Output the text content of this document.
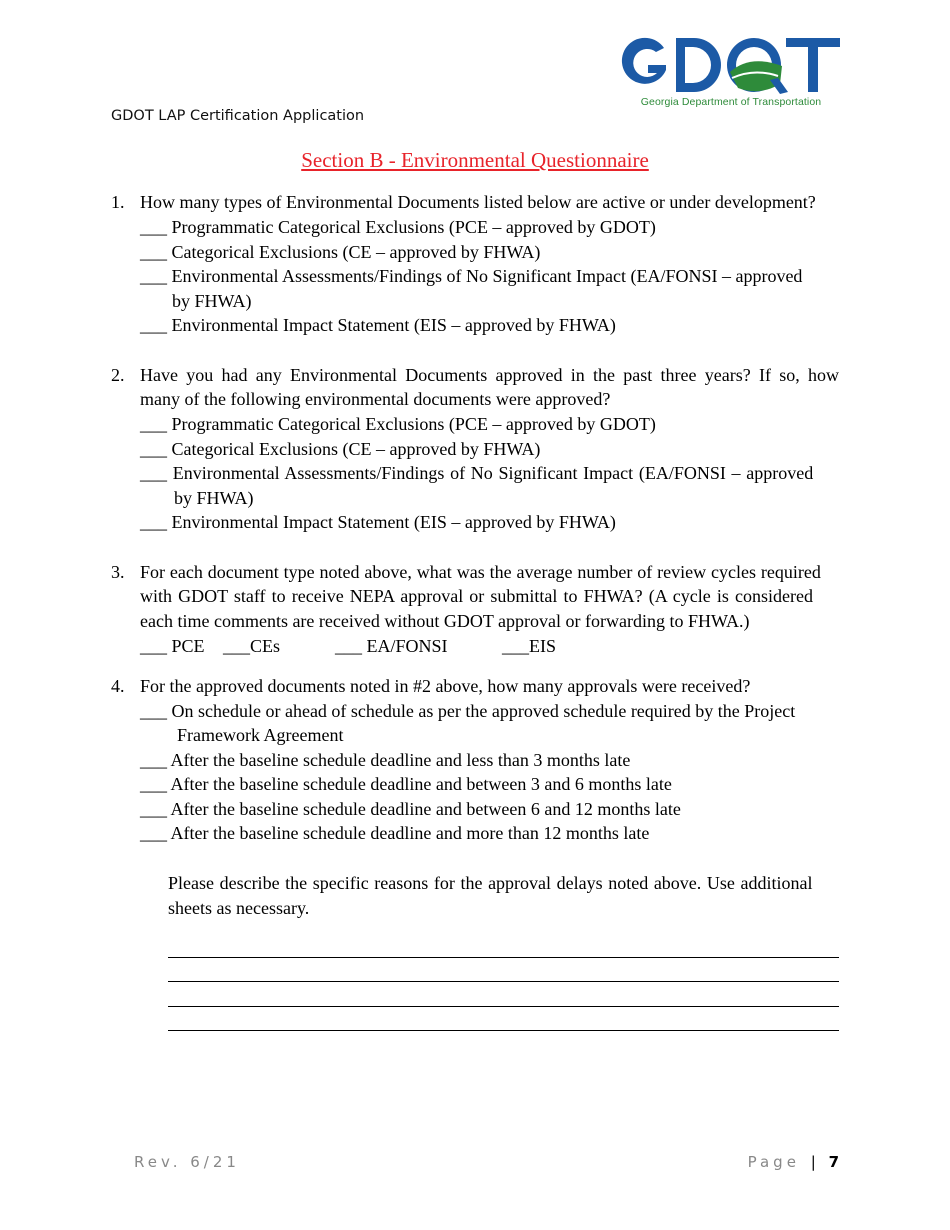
Georgia Department of Transportation
GDOT LAP Certification Application
Section B - Environmental Questionnaire
1. How many types of Environmental Documents listed below are active or under development?
___ Programmatic Categorical Exclusions (PCE – approved by GDOT)
___ Categorical Exclusions (CE – approved by FHWA)
___ Environmental Assessments/Findings of No Significant Impact (EA/FONSI – approved
by FHWA)
___ Environmental Impact Statement (EIS – approved by FHWA)
2. Have you had any Environmental Documents approved in the past three years? If so, how
many of the following environmental documents were approved?
___ Programmatic Categorical Exclusions (PCE – approved by GDOT)
___ Categorical Exclusions (CE – approved by FHWA)
___ Environmental Assessments/Findings of No Significant Impact (EA/FONSI – approved
by FHWA)
___ Environmental Impact Statement (EIS – approved by FHWA)
3. For each document type noted above, what was the average number of review cycles required
with GDOT staff to receive NEPA approval or submittal to FHWA? (A cycle is considered
each time comments are received without GDOT approval or forwarding to FHWA.)
___ PCE ___CEs	___ EA/FONSI	___EIS
4. For the approved documents noted in #2 above, how many approvals were received?
___ On schedule or ahead of schedule as per the approved schedule required by the Project
Framework Agreement
___ After the baseline schedule deadline and less than 3 months late
___ After the baseline schedule deadline and between 3 and 6 months late
___ After the baseline schedule deadline and between 6 and 12 months late
___ After the baseline schedule deadline and more than 12 months late
Please describe the specific reasons for the approval delays noted above. Use additional
sheets as necessary.
Rev. 6/21	Page | 7
